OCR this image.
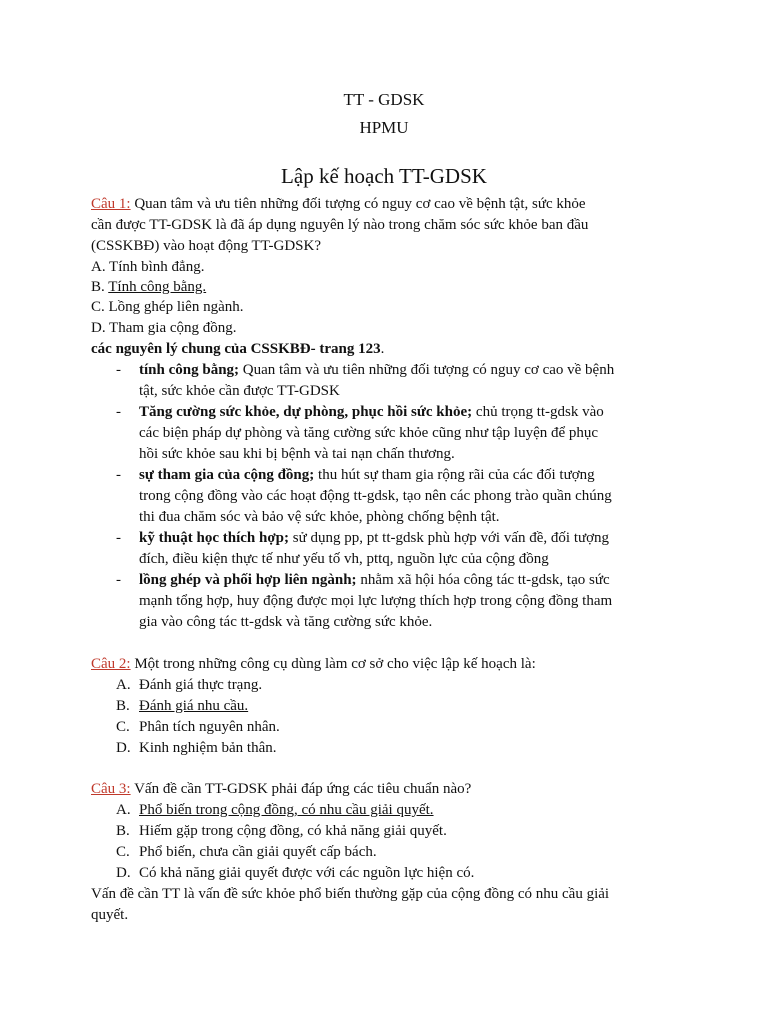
TT - GDSK
HPMU
Lập kế hoạch TT-GDSK
Câu 1: Quan tâm và ưu tiên những đối tượng có nguy cơ cao về bệnh tật, sức khỏe
cần được TT-GDSK là đã áp dụng nguyên lý nào trong chăm sóc sức khỏe ban đầu
(CSSKBĐ) vào hoạt động TT-GDSK?
A. Tính bình đẳng.
B. Tính công bằng.
C. Lồng ghép liên ngành.
D. Tham gia cộng đồng.
các nguyên lý chung của CSSKBĐ- trang 123.
- tính công bằng; Quan tâm và ưu tiên những đối tượng có nguy cơ cao về bệnh
tật, sức khỏe cần được TT-GDSK
- Tăng cường sức khỏe, dự phòng, phục hồi sức khỏe; chủ trọng tt-gdsk vào
các biện pháp dự phòng và tăng cường sức khỏe cũng như tập luyện để phục
hồi sức khỏe sau khi bị bệnh và tai nạn chấn thương.
- sự tham gia của cộng đồng; thu hút sự tham gia rộng rãi của các đối tượng
trong cộng đồng vào các hoạt động tt-gdsk, tạo nên các phong trào quần chúng
thi đua chăm sóc và bảo vệ sức khỏe, phòng chống bệnh tật.
- kỹ thuật học thích hợp; sử dụng pp, pt tt-gdsk phù hợp với vấn đề, đối tượng
đích, điều kiện thực tế như yếu tố vh, pttq, nguồn lực của cộng đồng
- lồng ghép và phối hợp liên ngành; nhằm xã hội hóa công tác tt-gdsk, tạo sức
mạnh tổng hợp, huy động được mọi lực lượng thích hợp trong cộng đồng tham
gia vào công tác tt-gdsk và tăng cường sức khỏe.
Câu 2: Một trong những công cụ dùng làm cơ sở cho việc lập kế hoạch là:
A. Đánh giá thực trạng.
B. Đánh giá nhu cầu.
C. Phân tích nguyên nhân.
D. Kinh nghiệm bản thân.
Câu 3: Vấn đề cần TT-GDSK phải đáp ứng các tiêu chuẩn nào?
A. Phổ biến trong cộng đồng, có nhu cầu giải quyết.
B. Hiếm gặp trong cộng đồng, có khả năng giải quyết.
C. Phổ biến, chưa cần giải quyết cấp bách.
D. Có khả năng giải quyết được với các nguồn lực hiện có.
Vấn đề cần TT là vấn đề sức khỏe phổ biến thường gặp của cộng đồng có nhu cầu giải
quyết.
